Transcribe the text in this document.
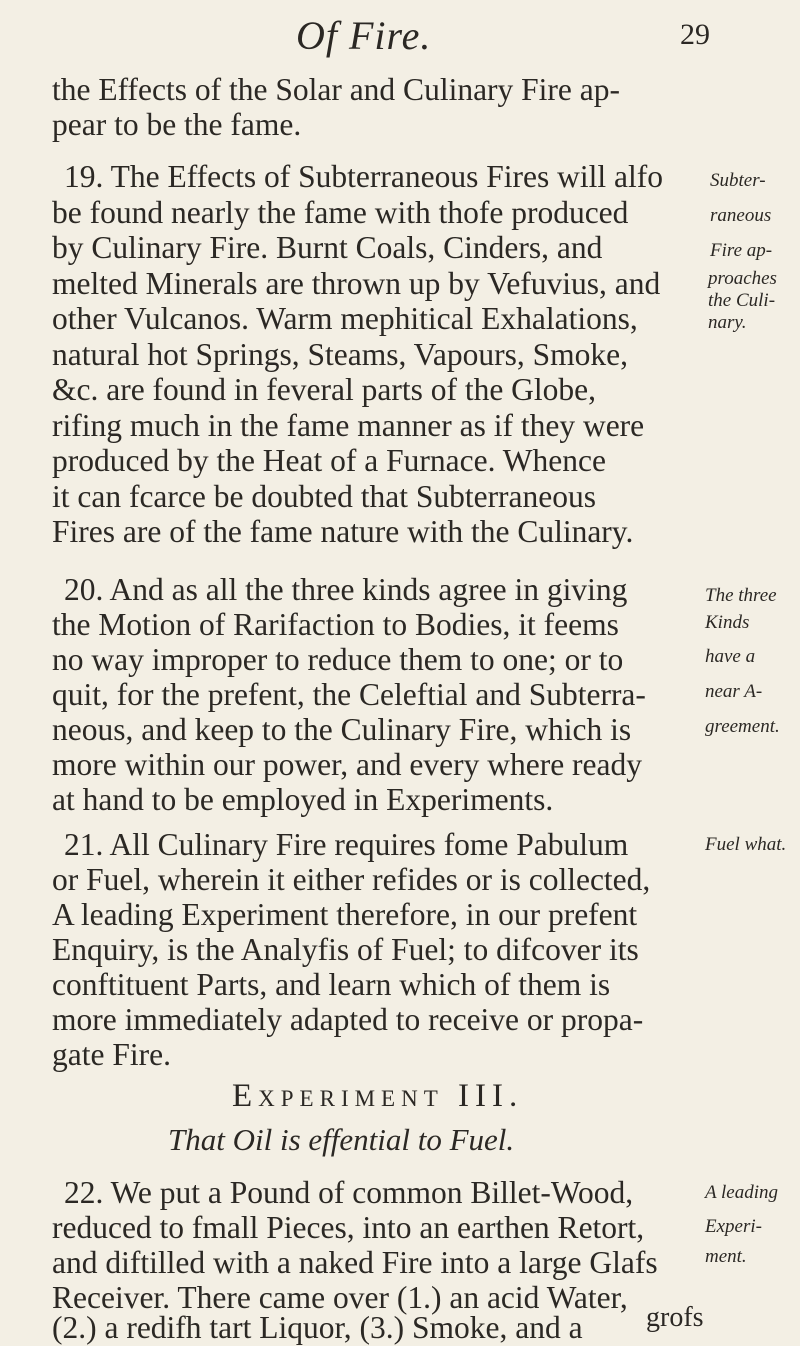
Of Fire.	29
the Effects of the Solar and Culinary Fire ap-
pear to be the fame.
19. The Effects of Subterraneous Fires will alfo
be found nearly the fame with thofe produced
by Culinary Fire. Burnt Coals, Cinders, and
melted Minerals are thrown up by Vefuvius, and
other Vulcanos. Warm mephitical Exhalations,
natural hot Springs, Steams, Vapours, Smoke,
&c. are found in feveral parts of the Globe,
rifing much in the fame manner as if they were
produced by the Heat of a Furnace. Whence
it can fcarce be doubted that Subterraneous
Fires are of the fame nature with the Culinary.
20. And as all the three kinds agree in giving
the Motion of Rarifaction to Bodies, it feems
no way improper to reduce them to one; or to
quit, for the prefent, the Celeftial and Subterra-
neous, and keep to the Culinary Fire, which is
more within our power, and every where ready
at hand to be employed in Experiments.
21. All Culinary Fire requires fome Pabulum
or Fuel, wherein it either refides or is collected,
A leading Experiment therefore, in our prefent
Enquiry, is the Analyfis of Fuel; to difcover its
conftituent Parts, and learn which of them is
more immediately adapted to receive or propa-
gate Fire.
Experiment III.
That Oil is effential to Fuel.
22. We put a Pound of common Billet-Wood,
reduced to fmall Pieces, into an earthen Retort,
and diftilled with a naked Fire into a large Glafs
Receiver. There came over (1.) an acid Water,
(2.) a redifh tart Liquor, (3.) Smoke, and a
Subter-
raneous
Fire ap-
proaches
the Culi-
nary.
The three
Kinds
have a
near A-
greement.
Fuel what.
A leading
Experi-
ment.
grofs
